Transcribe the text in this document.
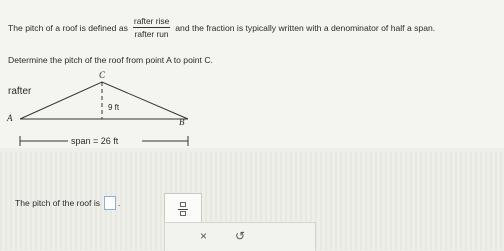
The pitch of a roof is defined as $\frac{\text{rafter rise}}{\text{rafter run}}$ and the fraction is typically written with a denominator of half a span.
Determine the pitch of the roof from point A to point C.
rafter
C
A	B
9 ft
span = 26 ft
The pitch of the roof is .
× ↺
